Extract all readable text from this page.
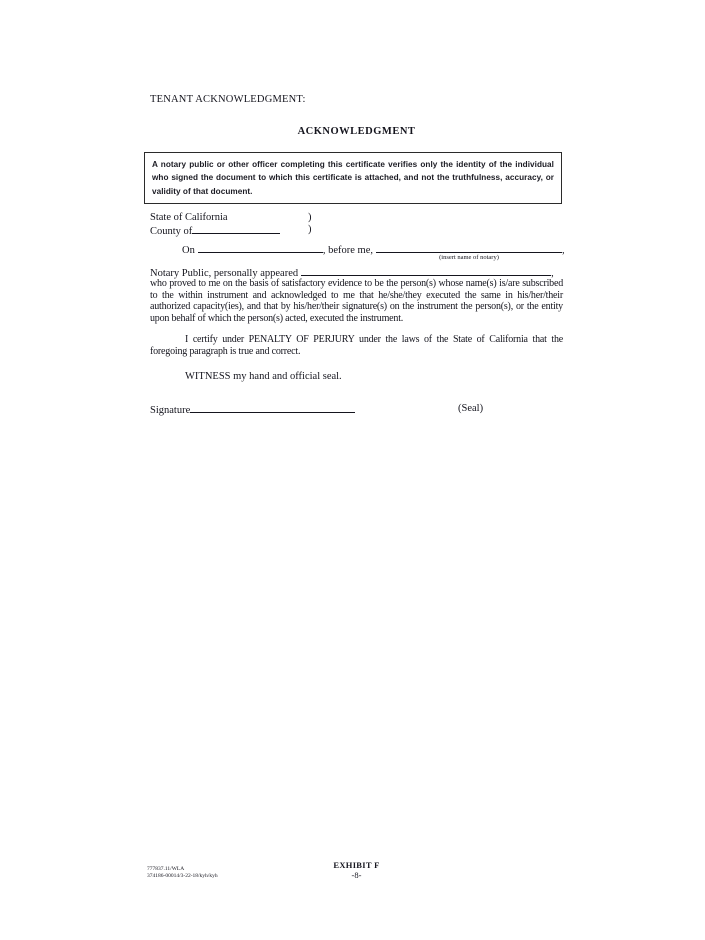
TENANT ACKNOWLEDGMENT:
ACKNOWLEDGMENT
A notary public or other officer completing this certificate verifies only the identity of the individual who signed the document to which this certificate is attached, and not the truthfulness, accuracy, or validity of that document.
State of California	)
County of	)
On	, before me,
(insert name of notary)
,
Notary Public, personally appeared	,
who proved to me on the basis of satisfactory evidence to be the person(s) whose name(s) is/are subscribed to the within instrument and acknowledged to me that he/she/they executed the same in his/her/their authorized capacity(ies), and that by his/her/their signature(s) on the instrument the person(s), or the entity upon behalf of which the person(s) acted, executed the instrument.
I certify under PENALTY OF PERJURY under the laws of the State of California that the foregoing paragraph is true and correct.
WITNESS my hand and official seal.
Signature	(Seal)
777837.11/WLA
374186-00014/3-22-18/kyh/kyh
EXHIBIT F
-8-
